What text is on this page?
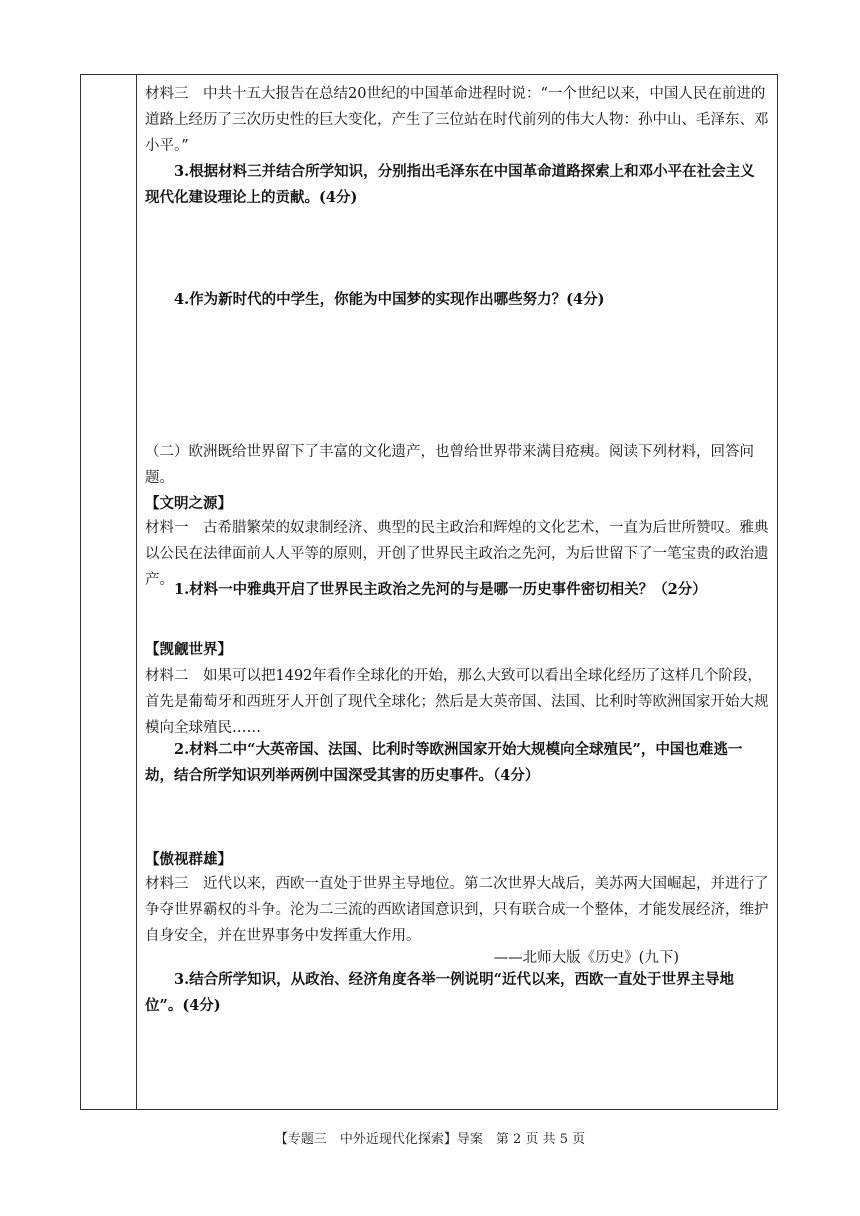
材料三　中共十五大报告在总结20世纪的中国革命进程时说：“一个世纪以来，中国人民在前进的道路上经历了三次历史性的巨大变化，产生了三位站在时代前列的伟大人物：孙中山、毛泽东、邓小平。”

3.根据材料三并结合所学知识，分别指出毛泽东在中国革命道路探索上和邓小平在社会主义现代化建设理论上的贡献。(4分)

4.作为新时代的中学生，你能为中国梦的实现作出哪些努力？(4分)

（二）欧洲既给世界留下了丰富的文化遗产，也曾给世界带来满目疮痍。阅读下列材料，回答问题。

【文明之源】

材料一　古希腊繁荣的奴隶制经济、典型的民主政治和辉煌的文化艺术，一直为后世所赞叹。雅典以公民在法律面前人人平等的原则，开创了世界民主政治之先河，为后世留下了一笔宝贵的政治遗产。

1.材料一中雅典开启了世界民主政治之先河的与是哪一历史事件密切相关？（2分）

【觊觎世界】

材料二　如果可以把1492年看作全球化的开始，那么大致可以看出全球化经历了这样几个阶段，首先是葡萄牙和西班牙人开创了现代全球化；然后是大英帝国、法国、比利时等欧洲国家开始大规模向全球殖民……

2.材料二中“大英帝国、法国、比利时等欧洲国家开始大规模向全球殖民”，中国也难逃一劫，结合所学知识列举两例中国深受其害的历史事件。（4分）

【傲视群雄】

材料三　近代以来，西欧一直处于世界主导地位。第二次世界大战后，美苏两大国崛起，并进行了争夺世界霸权的斗争。沦为二三流的西欧诸国意识到，只有联合成一个整体，才能发展经济，维护自身安全，并在世界事务中发挥重大作用。

——北师大版《历史》(九下)

3.结合所学知识，从政治、经济角度各举一例说明“近代以来，西欧一直处于世界主导地位”。(4分)

【专题三　中外近现代化探索】导案　第 2 页 共 5 页
